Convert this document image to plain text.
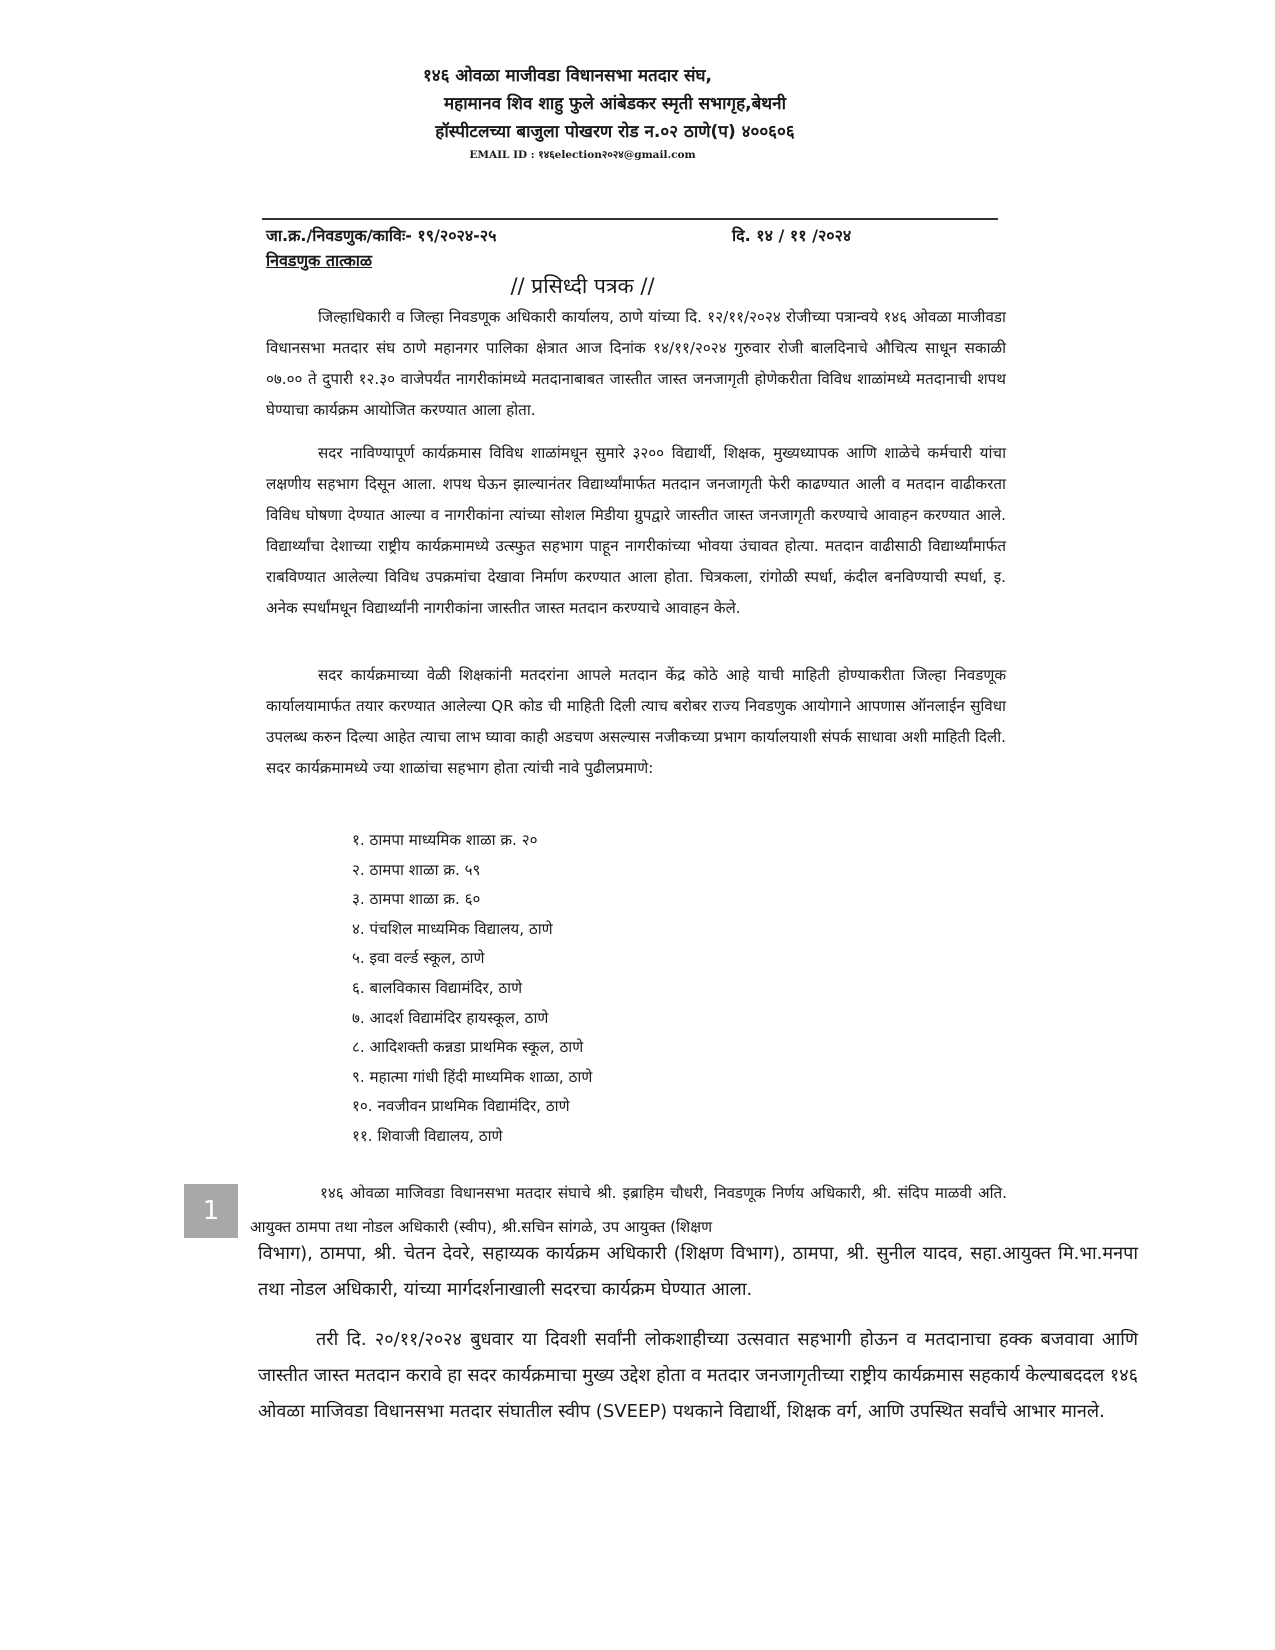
१४६ ओवळा माजीवडा विधानसभा मतदार संघ,
महामानव शिव शाहु फुले आंबेडकर स्मृती सभागृह,बेथनी
हॉस्पीटलच्या बाजुला पोखरण रोड न.०२ ठाणे(प) ४००६०६
EMAIL ID : १४६election२०२४@gmail.com
जा.क्र./निवडणुक/काविः- १९/२०२४-२५	दि. १४ / ११ /२०२४
निवडणुक तात्काळ
// प्रसिध्दी पत्रक //

जिल्हाधिकारी व जिल्हा निवडणूक अधिकारी कार्यालय, ठाणे यांच्या दि. १२/११/२०२४ रोजीच्या पत्रान्वये १४६ ओवळा माजीवडा विधानसभा मतदार संघ ठाणे महानगर पालिका क्षेत्रात आज दिनांक १४/११/२०२४ गुरुवार रोजी बालदिनाचे औचित्य साधून सकाळी ०७.०० ते दुपारी १२.३० वाजेपर्यंत नागरीकांमध्ये मतदानाबाबत जास्तीत जास्त जनजागृती होणेकरीता विविध शाळांमध्ये मतदानाची शपथ घेण्याचा कार्यक्रम आयोजित करण्यात आला होता.

सदर नाविण्यापूर्ण कार्यक्रमास विविध शाळांमधून सुमारे ३२०० विद्यार्थी, शिक्षक, मुख्यध्यापक आणि शाळेचे कर्मचारी यांचा लक्षणीय सहभाग दिसून आला. शपथ घेऊन झाल्यानंतर विद्यार्थ्यांमार्फत मतदान जनजागृती फेरी काढण्यात आली व मतदान वाढीकरता विविध घोषणा देण्यात आल्या व नागरीकांना त्यांच्या सोशल मिडीया ग्रुपद्वारे जास्तीत जास्त जनजागृती करण्याचे आवाहन करण्यात आले. विद्यार्थ्यांचा देशाच्या राष्ट्रीय कार्यक्रमामध्ये उत्स्फुत सहभाग पाहून नागरीकांच्या भोवया उंचावत होत्या. मतदान वाढीसाठी विद्यार्थ्यांमार्फत राबविण्यात आलेल्या विविध उपक्रमांचा देखावा निर्माण करण्यात आला होता. चित्रकला, रांगोळी स्पर्धा, कंदील बनविण्याची स्पर्धा, इ. अनेक स्पर्धांमधून विद्यार्थ्यांनी नागरीकांना जास्तीत जास्त मतदान करण्याचे आवाहन केले.

सदर कार्यक्रमाच्या वेळी शिक्षकांनी मतदरांना आपले मतदान केंद्र कोठे आहे याची माहिती होण्याकरीता जिल्हा निवडणूक कार्यालयामार्फत तयार करण्यात आलेल्या QR कोड ची माहिती दिली त्याच बरोबर राज्य निवडणुक आयोगाने आपणास ऑनलाईन सुविधा उपलब्ध करुन दिल्या आहेत त्याचा लाभ घ्यावा काही अडचण असल्यास नजीकच्या प्रभाग कार्यालयाशी संपर्क साधावा अशी माहिती दिली. सदर कार्यक्रमामध्ये ज्या शाळांचा सहभाग होता त्यांची नावे पुढीलप्रमाणे:

१. ठामपा माध्यमिक शाळा क्र. २०
२. ठामपा शाळा क्र. ५९
३. ठामपा शाळा क्र. ६०
४. पंचशिल माध्यमिक विद्यालय, ठाणे
५. इवा वर्ल्ड स्कूल, ठाणे
६. बालविकास विद्यामंदिर, ठाणे
७. आदर्श विद्यामंदिर हायस्कूल, ठाणे
८. आदिशक्ती कन्नडा प्राथमिक स्कूल, ठाणे
९. महात्मा गांधी हिंदी माध्यमिक शाळा, ठाणे
१०. नवजीवन प्राथमिक विद्यामंदिर, ठाणे
११. शिवाजी विद्यालय, ठाणे
1

१४६ ओवळा माजिवडा विधानसभा मतदार संघाचे श्री. इब्राहिम चौधरी, निवडणूक निर्णय अधिकारी, श्री. संदिप माळवी अति. आयुक्त ठामपा तथा नोडल अधिकारी (स्वीप), श्री.सचिन सांगळे, उप आयुक्त (शिक्षण

विभाग), ठामपा, श्री. चेतन देवरे, सहाय्यक कार्यक्रम अधिकारी (शिक्षण विभाग), ठामपा, श्री. सुनील यादव, सहा.आयुक्त मि.भा.मनपा तथा नोडल अधिकारी, यांच्या मार्गदर्शनाखाली सदरचा कार्यक्रम घेण्यात आला.

तरी दि. २०/११/२०२४ बुधवार या दिवशी सर्वांनी लोकशाहीच्या उत्सवात सहभागी होऊन व मतदानाचा हक्क बजवावा आणि जास्तीत जास्त मतदान करावे हा सदर कार्यक्रमाचा मुख्य उद्देश होता व मतदार जनजागृतीच्या राष्ट्रीय कार्यक्रमास सहकार्य केल्याबददल १४६ ओवळा माजिवडा विधानसभा मतदार संघातील स्वीप (SVEEP) पथकाने विद्यार्थी, शिक्षक वर्ग, आणि उपस्थित सर्वांचे आभार मानले.
